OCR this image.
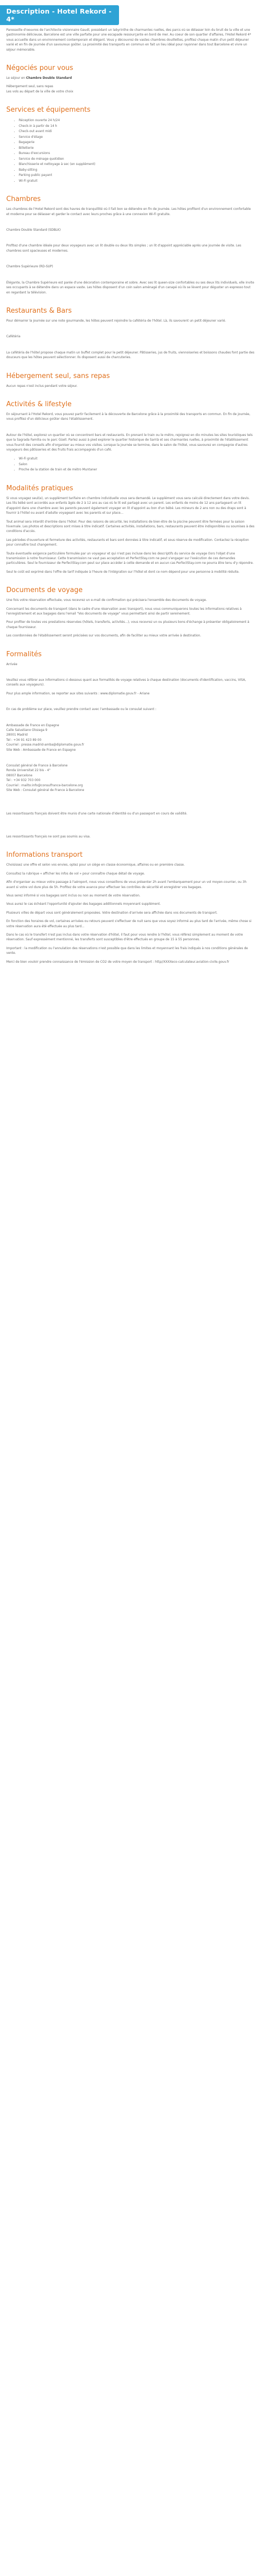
Description - Hotel Rekord - 4*

Paresseille d'oeuvres de l'architecte visionnaire Gaudí, possédant un labyrinthe de charmantes ruelles, des parcs où se délasser loin du bruit de la ville et une gastronomie délicieuse, Barcelone est une ville parfaite pour une escapade ressourçante en bord de mer. Au coeur de son quartier d'affaires, l'Hotel Rekord 4* vous accueille dans un environnement contemporain et élégant. Vous y découvrez de vastes chambres douillettes, profitez chaque matin d'un petit déjeuner varié et en fin de journée d'un savoureux goûter. La proximité des transports en commun en fait un lieu idéal pour rayonner dans tout Barcelone et vivre un séjour mémorable.

Négociés pour vous

Le séjour en Chambre Double Standard

Hébergement seul, sans repas

Les vols au départ de la ville de votre choix

Services et équipements
• Réception ouverte 24 h/24
• Check-in à partir de 14 h
• Check-out avant midi
• Service d'étage
• Bagagerie
• Billetterie
• Bureau d'excursions
• Service de ménage quotidien
• Blanchisserie et nettoyage à sec (en supplément)
• Baby-sitting
• Parking public payant
• Wi-Fi gratuit
Chambres

Les chambres de l'Hotel Rekord sont des havres de tranquillité où il fait bon se détendre en fin de journée. Les hôtes profitent d'un environnement confortable et moderne pour se délasser et garder le contact avec leurs proches grâce à une connexion Wi-Fi gratuite.

Chambre Double Standard (SDBLK)

Profitez d'une chambre idéale pour deux voyageurs avec un lit double ou deux lits simples ; un lit d'appoint appréciable après une journée de visite. Les chambres sont spacieuses et modernes.

Chambre Supérieure (RD-SUP)

Élégante, la Chambre Supérieure est parée d'une décoration contemporaine et sobre. Avec ses lit queen-size confortables ou ses deux lits individuels, elle invite ses occupants à se détendre dans un espace vaste. Les hôtes disposent d'un coin salon aménagé d'un canapé où ils se lèvent pour déguster un espresso tout en regardant la télévision.

Restaurants & Bars

Pour démarrer la journée sur une note gourmande, les hôtes peuvent rejoindre la cafétéria de l'hôtel. Là, ils savourent un petit déjeuner varié.

Cafétéria

La cafétéria de l'hôtel propose chaque matin un buffet complet pour le petit déjeuner. Pâtisseries, jus de fruits, viennoiseries et boissons chaudes font partie des douceurs que les hôtes peuvent sélectionner. Ils disposent aussi de charcuteries.

Hébergement seul, sans repas

Aucun repas n'est inclus pendant votre séjour.

Activités & lifestyle

En séjournant à l'Hotel Rekord, vous pouvez partir facilement à la découverte de Barcelone grâce à la proximité des transports en commun. En fin de journée, vous profitez d'un délicieux goûter dans l'établissement.

Autour de l'hôtel, explorez un quartier où se concentrent bars et restaurants. En prenant le train ou le métro, rejoignez en dix minutes les sites touristiques tels que la Sagrada Familia ou le parc Güell. Parlez aussi à pied explorer le quartier historique de Sarrià et ses charmantes ruelles, à proximité de l'établissement vous fournit des conseils afin d'organiser au mieux vos visites. Lorsque la journée se termine, dans le salon de l'hôtel, vous savourez en compagnie d'autres voyageurs des pâtisseries et des fruits frais accompagnés d'un café.

• Wi-Fi gratuit
• Salon
• Proche de la station de train et de métro Muntaner
Modalités pratiques

Si vous voyagez seul(e), un supplément tarifaire en chambre individuelle vous sera demandé. Le supplément vous sera calculé directement dans votre devis. Les lits bébé sont accordés aux enfants âgés de 2 à 12 ans au cas où le lit est partagé avec un parent. Les enfants de moins de 12 ans partageant un lit d'appoint dans une chambre avec les parents peuvent également voyager en lit d'appoint au bon d'un bébé. Les mineurs de 2 ans non ou des draps sont à fournir à l'hôtel ou avant d'adulte voyageant avec les parents et sur place...

Tout animal sera interdit d'entrée dans l'hôtel. Pour des raisons de sécurité, les installations de bien-être de la piscine peuvent être fermées pour la saison hivernale. Les photos et descriptions sont mises à titre indicatif. Certaines activités, installations, bars, restaurants peuvent être indisponibles ou soumises à des conditions d'accès.

Les périodes d'ouverture et fermeture des activités, restaurants et bars sont données à titre indicatif, et sous réserve de modification. Contactez la réception pour connaître tout changement.

Toute éventuelle exigence particulière formulée par un voyageur et qui n'est pas incluse dans les descriptifs du service de voyage (lors l'objet d'une transmission à notre fournisseur. Cette transmission ne vaut pas acceptation et PerfectStay.com ne peut s'engager sur l'exécution de ces demandes particulières. Seul le fournisseur de PerfectStay.com peut sur place accéder à cette demande et en aucun cas PerfectStay.com ne pourra être tenu d'y répondre.

Seul le coût est exprimé dans l'offre de tarif indiquée à l'heure de l'intégration sur l'hôtel et dont ce nom dépend pour une personne à mobilité réduite.

Documents de voyage

Une fois votre réservation effectuée, vous recevrez un e-mail de confirmation qui précisera l'ensemble des documents de voyage.

Concernant les documents de transport (dans le cadre d'une réservation avec transport), nous vous communiquerons toutes les informations relatives à l'enregistrement et aux bagages dans l'email "Vos documents de voyage" vous permettant ainsi de partir sereinement.

Pour profiter de toutes vos prestations réservées (hôtels, transferts, activités...), vous recevrez un ou plusieurs bons d'échange à présenter obligatoirement à chaque fournisseur.

Les coordonnées de l'établissement seront précisées sur vos documents, afin de faciliter au mieux votre arrivée à destination.

Formalités

Arrivée

Veuillez vous référer aux informations ci-dessous quant aux formalités de voyage relatives à chaque destination (documents d'identification, vaccins, VISA, conseils aux voyageurs).

Pour plus ample information, se reporter aux sites suivants : www.diplomatie.gouv.fr - Ariane

En cas de problème sur place, veuillez prendre contact avec l'ambassade ou le consulat suivant :

Ambassade de France en Espagne
Calle Salustiano Olozaga 9
28001 Madrid
Tel : +34 91 423 89 00
Courriel : presse.madrid-amba@diplomatie.gouv.fr
Site Web : Ambassade de France en Espagne

Consulat général de France à Barcelone
Ronda Universitat 22 bis - 4°
08007 Barcelone
Tel : +34 932 703 000
Courriel : mailto:info@consulfrance-barcelone.org
Site Web : Consulat général de France à Barcelone

Les ressortissants français doivent être munis d'une carte nationale d'identité ou d'un passeport en cours de validité.

Les ressortissants français ne sont pas soumis au visa.

Informations transport

Choisissez une offre et selon vos envies, optez pour un siège en classe économique, affaires ou en première classe.

Consultez la rubrique « afficher les infos de vol » pour connaître chaque détail de voyage.

Afin d'organiser au mieux votre passage à l'aéroport, nous vous conseillons de vous présenter 2h avant l'embarquement pour un vol moyen-courrier, ou 3h avant si votre vol dure plus de 5h. Profitez de votre avance pour effectuer les contrôles de sécurité et enregistrer vos bagages.

Vous serez informé si vos bagages sont inclus ou non au moment de votre réservation.

Vous aurez le cas échéant l'opportunité d'ajouter des bagages additionnels moyennant supplément.

Plusieurs villes de départ vous sont généralement proposées. Votre destination d'arrivée sera affichée dans vos documents de transport.

En fonction des horaires de vol, certaines arrivées ou retours peuvent s'effectuer de nuit sans que vous soyez informé au plus tard de l'arrivée, même chose si votre réservation aura été effectuée au plus tard...

Dans le cas où le transfert n'est pas inclus dans votre réservation d'hôtel, il faut pour vous rendre à l'hôtel, vous référez simplement au moment de votre réservation. Sauf expressément mentionné, les transferts sont susceptibles d'être effectués en groupe de 15 à 55 personnes.

Important : la modification ou l'annulation des réservations n'est possible que dans les limites et moyennant les frais indiqués à nos conditions générales de vente.

Merci de bien vouloir prendre connaissance de l'émission de CO2 de votre moyen de transport : http//XXXXeco-calculateur.aviation-civile.gouv.fr
